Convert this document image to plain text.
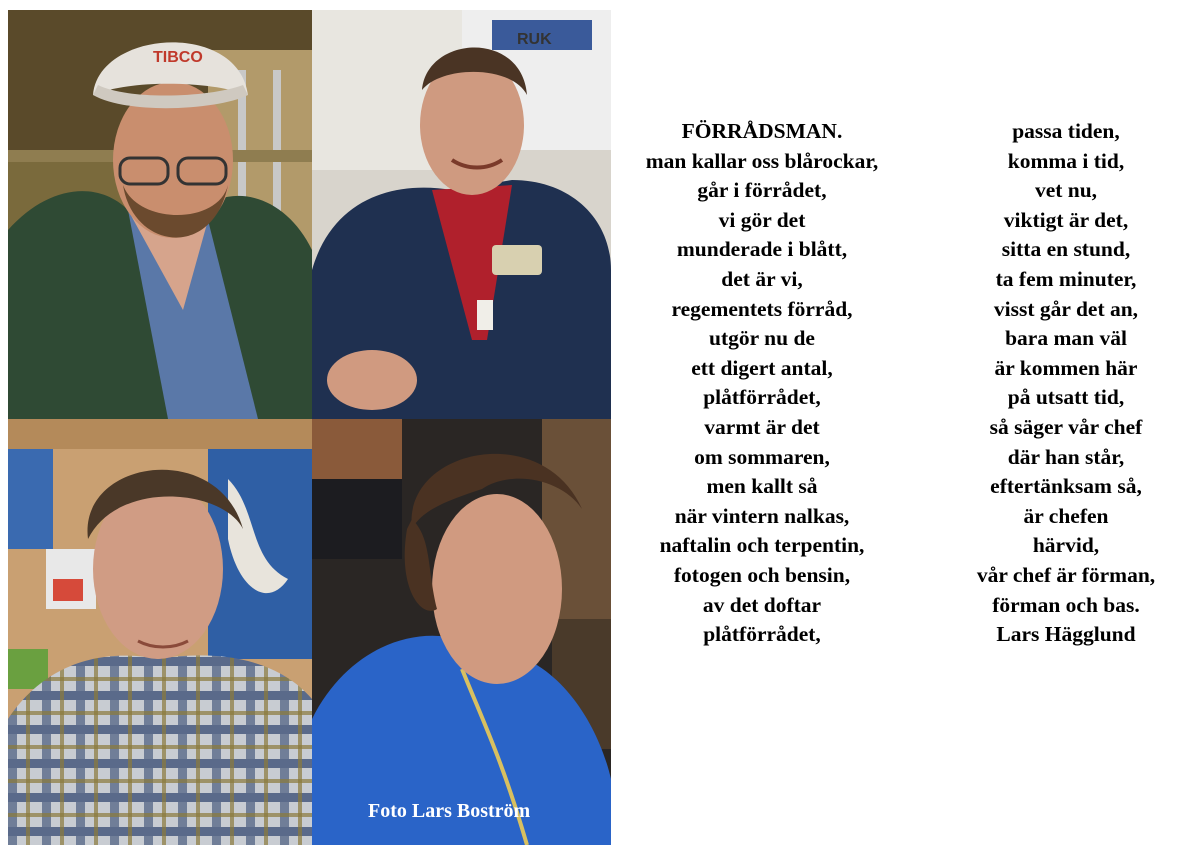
TIBCO
RUK
Foto Lars Boström
FÖRRÅDSMAN.
man kallar oss blårockar,
går i förrådet,
vi gör det
munderade i blått,
det är vi,
regementets förråd,
utgör nu de
ett digert antal,
plåtförrådet,
varmt är det
om sommaren,
men kallt så
när vintern nalkas,
naftalin och terpentin,
fotogen och bensin,
av det doftar
plåtförrådet,
passa tiden,
komma i tid,
vet nu,
viktigt är det,
sitta en stund,
ta fem minuter,
visst går det an,
bara man väl
är kommen här
på utsatt tid,
så säger vår chef
där han står,
eftertänksam så,
är chefen
härvid,
vår chef är förman,
förman och bas.
Lars Hägglund
